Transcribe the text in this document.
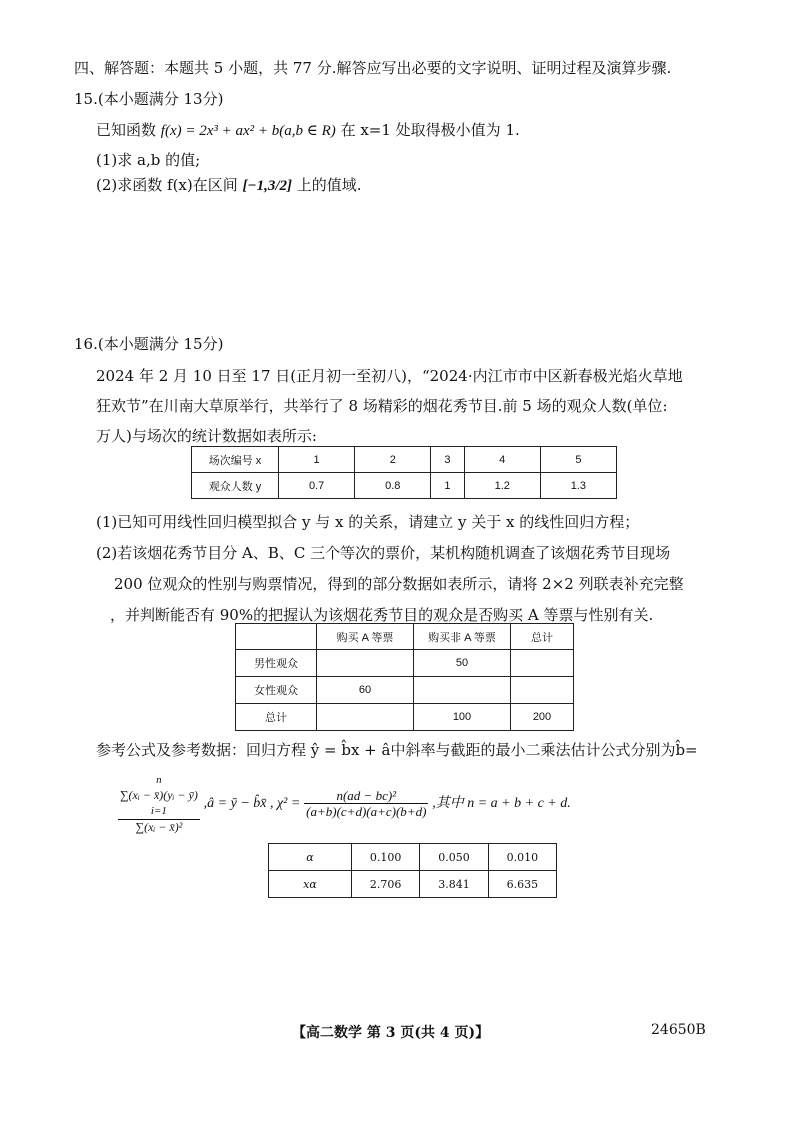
四、解答题：本题共 5 小题，共 77 分.解答应写出必要的文字说明、证明过程及演算步骤.
15.(本小题满分 13分)
已知函数 f(x) = 2x³ + ax² + b(a,b ∈ R) 在 x=1 处取得极小值为 1.
(1)求 a,b 的值;
(2)求函数 f(x)在区间 [−1,3/2] 上的值域.
16.(本小题满分 15分)
2024 年 2 月 10 日至 17 日(正月初一至初八)，“2024·内江市市中区新春极光焰火草地
狂欢节”在川南大草原举行，共举行了 8 场精彩的烟花秀节目.前 5 场的观众人数(单位:
万人)与场次的统计数据如表所示:
场次编号 x	1	2	3	4	5
观众人数 y	0.7	0.8	1	1.2	1.3
(1)已知可用线性回归模型拟合 y 与 x 的关系，请建立 y 关于 x 的线性回归方程；
(2)若该烟花秀节目分 A、B、C 三个等次的票价，某机构随机调查了该烟花秀节目现场
200 位观众的性别与购票情况，得到的部分数据如表所示，请将 2×2 列联表补充完整
，并判断能否有 90%的把握认为该烟花秀节目的观众是否购买 A 等票与性别有关.
	购买 A 等票	购买非 A 等票	总计
男性观众		50	
女性观众	60		
总计		100	200
参考公式及参考数据：回归方程 ŷ = b̂x + â中斜率与截距的最小二乘法估计公式分别为b̂=
n
∑(xᵢ − x̄)(yᵢ − ȳ)
i=1
∑(xᵢ − x̄)²
,â = ȳ − b̂x̄ , $\chi^2 = \frac{\text{n(ad − bc)²}}{(a+b)(c+d)(a+c)(b+d)}$ ,其中 n = a + b + c + d.
α	0.100	0.050	0.010
xα	2.706	3.841	6.635
【高二数学 第 3 页(共 4 页)】	24650B
